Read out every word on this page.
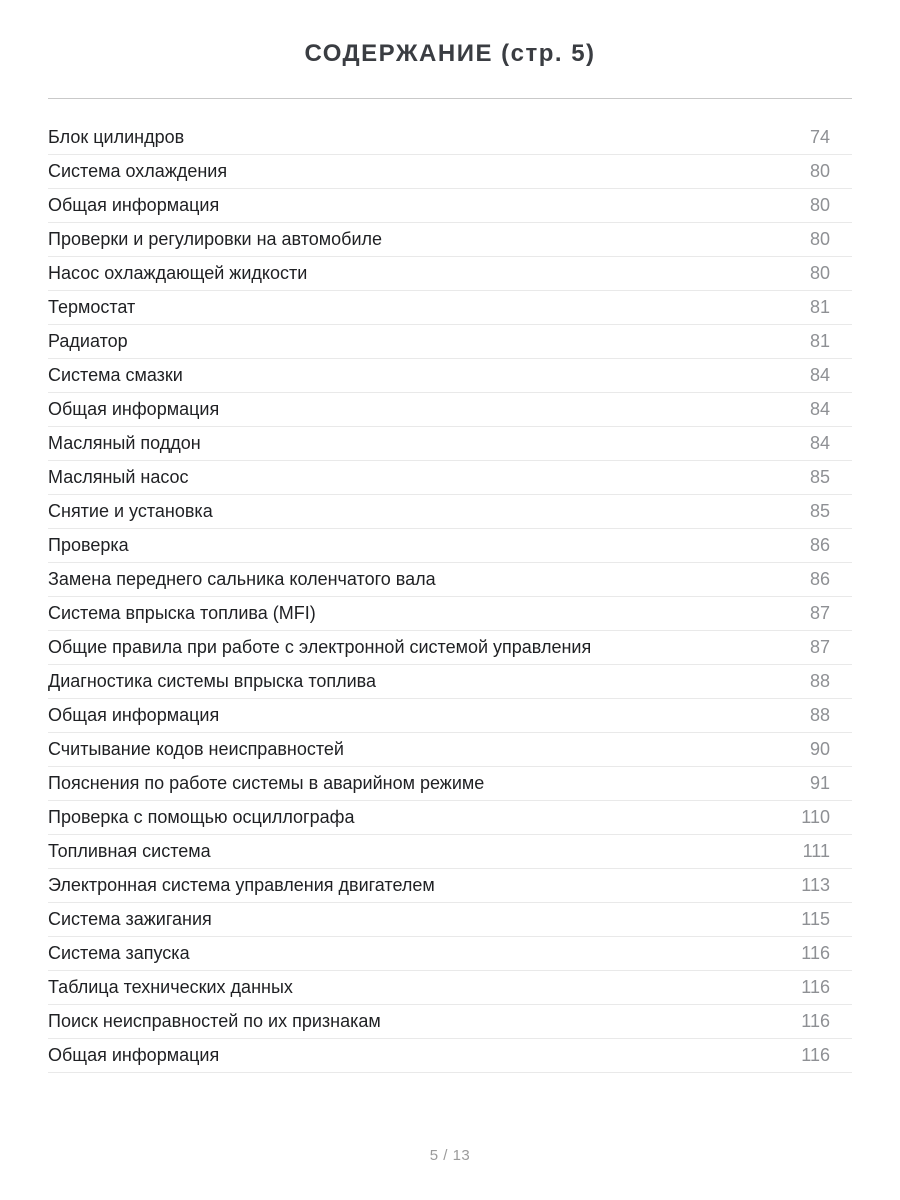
СОДЕРЖАНИЕ (стр. 5)
Блок цилиндров	74
Система охлаждения	80
Общая информация	80
Проверки и регулировки на автомобиле	80
Насос охлаждающей жидкости	80
Термостат	81
Радиатор	81
Система смазки	84
Общая информация	84
Масляный поддон	84
Масляный насос	85
Снятие и установка	85
Проверка	86
Замена переднего сальника коленчатого вала	86
Система впрыска топлива (MFI)	87
Общие правила при работе с электронной системой управления	87
Диагностика системы впрыска топлива	88
Общая информация	88
Считывание кодов неисправностей	90
Пояснения по работе системы в аварийном режиме	91
Проверка с помощью осциллографа	110
Топливная система	111
Электронная система управления двигателем	113
Система зажигания	115
Система запуска	116
Таблица технических данных	116
Поиск неисправностей по их признакам	116
Общая информация	116
5 / 13
